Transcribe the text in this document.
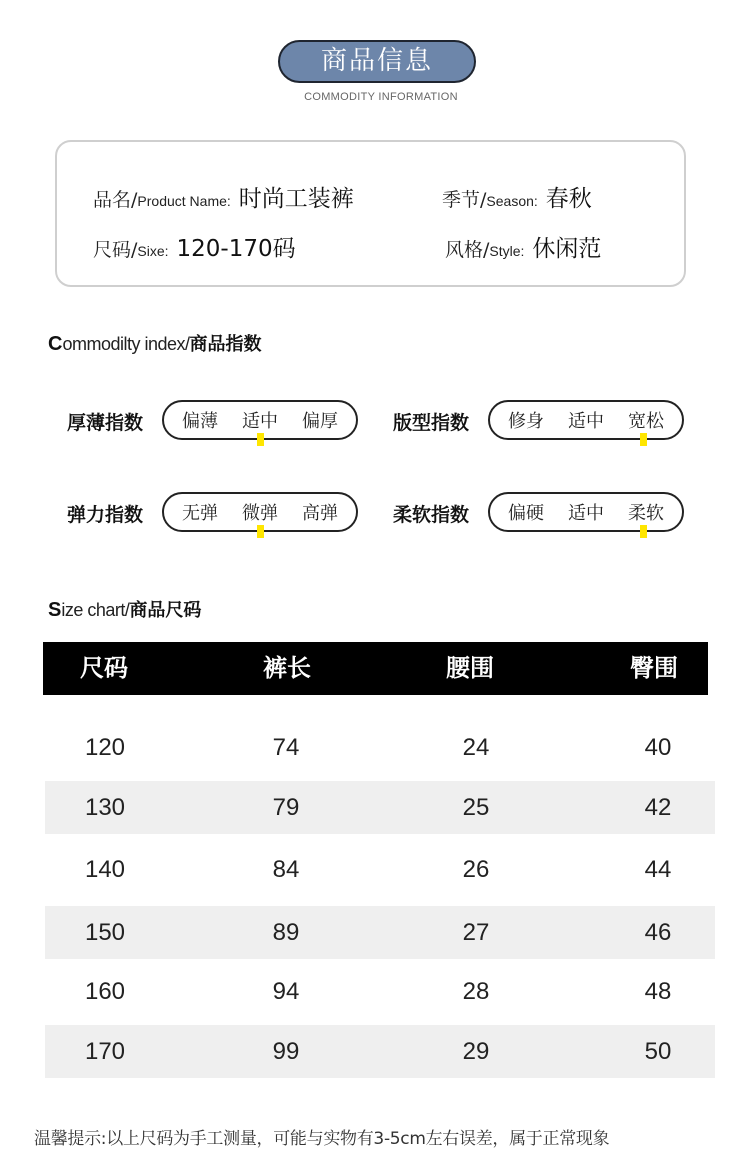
商品信息
COMMODITY INFORMATION
品名/ Product Name: 时尚工装裤	季节/ Season: 春秋
尺码/ Sixe: 120-170码	风格/ Style: 休闲范
C ommodilty index/ 商品指数
厚薄指数 偏薄 适中 偏厚	版型指数 修身 适中 宽松
弹力指数 无弹 微弹 高弹	柔软指数 偏硬 适中 柔软
S ize chart/ 商品尺码
尺码	裤长	腰围	臀围
120	74	24	40
130	79	25	42
140	84	26	44
150	89	27	46
160	94	28	48
170	99	29	50
温馨提示:以上尺码为手工测量，可能与实物有3-5cm左右误差，属于正常现象
